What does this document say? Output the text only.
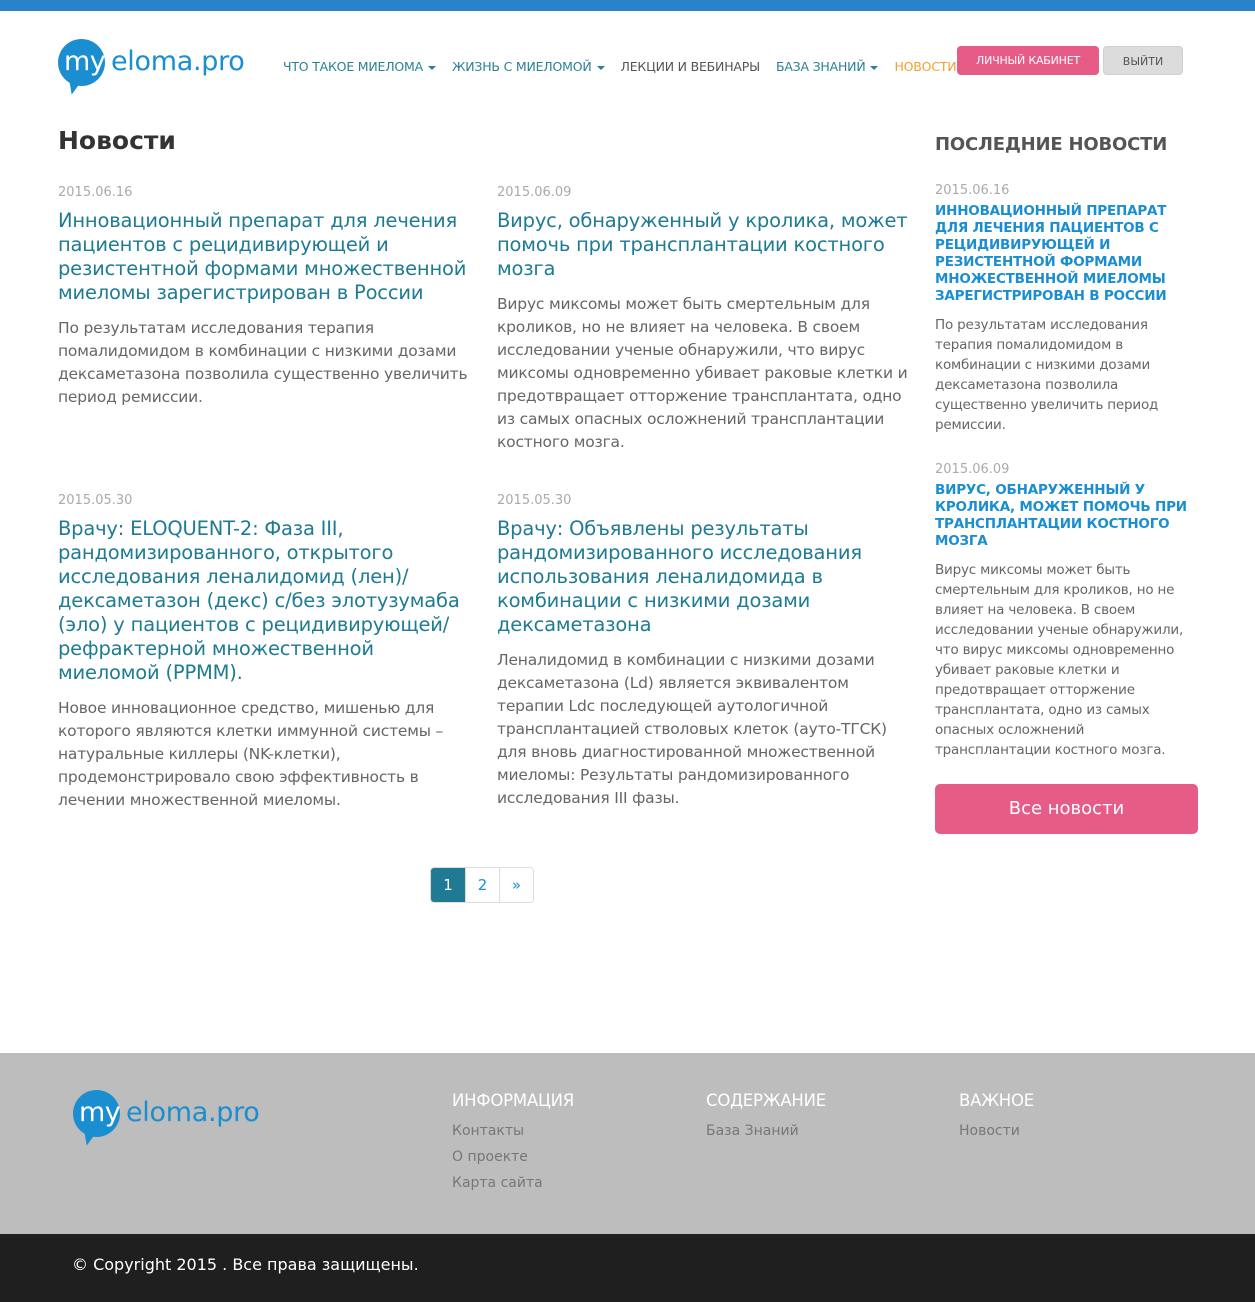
my eloma.pro	ЧТО ТАКОЕ МИЕЛОМА	ЖИЗНЬ С МИЕЛОМОЙ	ЛЕКЦИИ И ВЕБИНАРЫ БАЗА ЗНАНИЙ	НОВОСТИ	ЛИЧНЫЙ КАБИНЕТ	ВЫЙТИ
Новости
2015.06.16
Инновационный препарат для лечения пациентов с рецидивирующей и резистентной формами множественной миеломы зарегистрирован в России
По результатам исследования терапия помалидомидом в комбинации с низкими дозами дексаметазона позволила существенно увеличить период ремиссии.
2015.06.09
Вирус, обнаруженный у кролика, может помочь при трансплантации костного мозга
Вирус миксомы может быть смертельным для кроликов, но не влияет на человека. В своем исследовании ученые обнаружили, что вирус миксомы одновременно убивает раковые клетки и предотвращает отторжение трансплантата, одно из самых опасных осложнений трансплантации костного мозга.
2015.05.30
Врачу: ELOQUENT-2: Фаза III, рандомизированного, открытого исследования леналидомид (лен)/дексаметазон (декс) с/без элотузумаба (эло) у пациентов с рецидивирующей/ рефрактерной множественной миеломой (РРММ).
Новое инновационное средство, мишенью для которого являются клетки иммунной системы – натуральные киллеры (NK-клетки), продемонстрировало свою эффективность в лечении множественной миеломы.
2015.05.30
Врачу: Объявлены результаты рандомизированного исследования использования леналидомида в комбинации с низкими дозами дексаметазона
Леналидомид в комбинации с низкими дозами дексаметазона (Ld) является эквивалентом терапии Ldc последующей аутологичной трансплантацией стволовых клеток (ауто-ТГСК) для вновь диагностированной множественной миеломы: Результаты рандомизированного исследования III фазы.
1	2	»
ПОСЛЕДНИЕ НОВОСТИ
2015.06.16
ИННОВАЦИОННЫЙ ПРЕПАРАТ ДЛЯ ЛЕЧЕНИЯ ПАЦИЕНТОВ С РЕЦИДИВИРУЮЩЕЙ И РЕЗИСТЕНТНОЙ ФОРМАМИ МНОЖЕСТВЕННОЙ МИЕЛОМЫ ЗАРЕГИСТРИРОВАН В РОССИИ
По результатам исследования терапия помалидомидом в комбинации с низкими дозами дексаметазона позволила существенно увеличить период ремиссии.
2015.06.09
ВИРУС, ОБНАРУЖЕННЫЙ У КРОЛИКА, МОЖЕТ ПОМОЧЬ ПРИ ТРАНСПЛАНТАЦИИ КОСТНОГО МОЗГА
Вирус миксомы может быть смертельным для кроликов, но не влияет на человека. В своем исследовании ученые обнаружили, что вирус миксомы одновременно убивает раковые клетки и предотвращает отторжение трансплантата, одно из самых опасных осложнений трансплантации костного мозга.
Все новости
my eloma.pro	ИНФОРМАЦИЯ
Контакты
О проекте
Карта сайта
СОДЕРЖАНИЕ
База Знаний
ВАЖНОЕ
Новости
© Copyright 2015 . Все права защищены.
